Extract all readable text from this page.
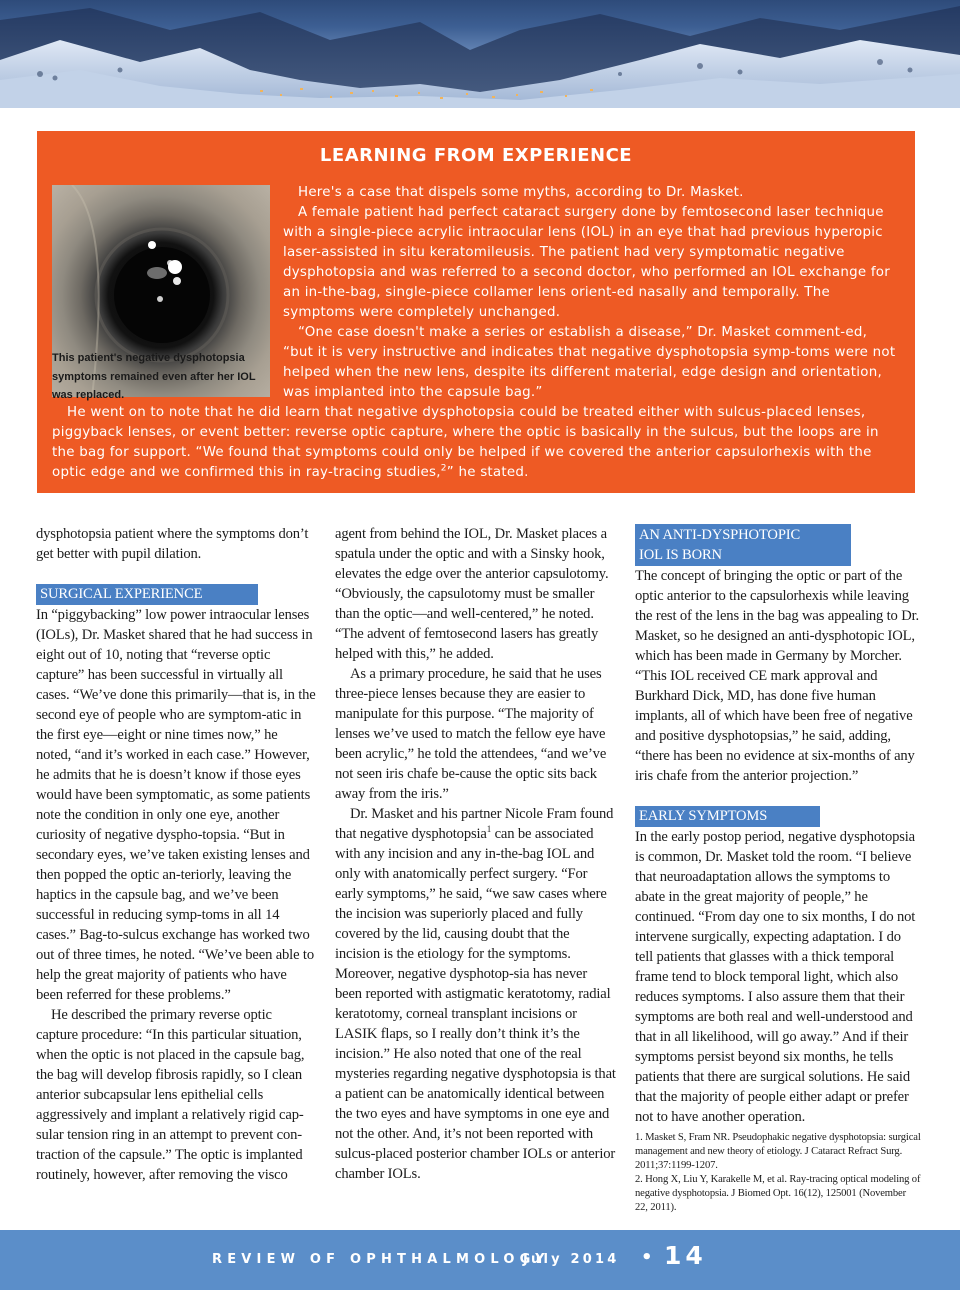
LEARNING FROM EXPERIENCE
This patient's negative dysphotopsia symptoms remained even after her IOL was replaced.

Here's a case that dispels some myths, according to Dr. Masket.

A female patient had perfect cataract surgery done by femtosecond laser technique with a single-piece acrylic intraocular lens (IOL) in an eye that had previous hyperopic laser-assisted in situ keratomileusis. The patient had very symptomatic negative dysphotopsia and was referred to a second doctor, who performed an IOL exchange for an in-the-bag, single-piece collamer lens orient-ed nasally and temporally. The symptoms were completely unchanged.

“One case doesn't make a series or establish a disease,” Dr. Masket comment-ed, “but it is very instructive and indicates that negative dysphotopsia symp-toms were not helped when the new lens, despite its different material, edge design and orientation, was implanted into the capsule bag.”

He went on to note that he did learn that negative dysphotopsia could be treated either with sulcus-placed lenses, piggyback lenses, or event better: reverse optic capture, where the optic is basically in the sulcus, but the loops are in the bag for support. “We found that symptoms could only be helped if we covered the anterior capsulorhexis with the optic edge and we confirmed this in ray-tracing studies,$^2$” he stated.

dysphotopsia patient where the symptoms don’t get better with pupil dilation.

SURGICAL EXPERIENCE

In “piggybacking” low power intraocular lenses (IOLs), Dr. Masket shared that he had success in eight out of 10, noting that “reverse optic capture” has been successful in virtually all cases. “We’ve done this primarily—that is, in the second eye of people who are symptom-atic in the first eye—eight or nine times now,” he noted, “and it’s worked in each case.” However, he admits that he is doesn’t know if those eyes would have been symptomatic, as some patients note the condition in only one eye, another curiosity of negative dyspho-topsia. “But in secondary eyes, we’ve taken existing lenses and then popped the optic an-teriorly, leaving the haptics in the capsule bag, and we’ve been successful in reducing symp-toms in all 14 cases.” Bag-to-sulcus exchange has worked two out of three times, he noted. “We’ve been able to help the great majority of patients who have been referred for these problems.”

He described the primary reverse optic capture procedure: “In this particular situation, when the optic is not placed in the capsule bag, the bag will develop fibrosis rapidly, so I clean anterior subcapsular lens epithelial cells aggressively and implant a relatively rigid cap-sular tension ring in an attempt to prevent con-traction of the capsule.” The optic is implanted routinely, however, after removing the visco

agent from behind the IOL, Dr. Masket places a spatula under the optic and with a Sinsky hook, elevates the edge over the anterior capsulotomy. “Obviously, the capsulotomy must be smaller than the optic—and well-centered,” he noted. “The advent of femtosecond lasers has greatly helped with this,” he added.

As a primary procedure, he said that he uses three-piece lenses because they are easier to manipulate for this purpose. “The majority of lenses we’ve used to match the fellow eye have been acrylic,” he told the attendees, “and we’ve not seen iris chafe be-cause the optic sits back away from the iris.”

Dr. Masket and his partner Nicole Fram found that negative dysphotopsia$^1$ can be associated with any incision and any in-the-bag IOL and only with anatomically perfect surgery. “For early symptoms,” he said, “we saw cases where the incision was superiorly placed and fully covered by the lid, causing doubt that the incision is the etiology for the symptoms. Moreover, negative dysphotop-sia has never been reported with astigmatic keratotomy, radial keratotomy, corneal transplant incisions or LASIK flaps, so I really don’t think it’s the incision.” He also noted that one of the real mysteries regarding negative dysphotopsia is that a patient can be anatomically identical between the two eyes and have symptoms in one eye and not the other. And, it’s not been reported with sulcus-placed posterior chamber IOLs or anterior chamber IOLs.

AN ANTI-DYSPHOTOPIC
IOL IS BORN

The concept of bringing the optic or part of the optic anterior to the capsulorhexis while leaving the rest of the lens in the bag was appealing to Dr. Masket, so he designed an anti-dysphotopic IOL, which has been made in Germany by Morcher. “This IOL received CE mark approval and Burkhard Dick, MD, has done five human implants, all of which have been free of negative and positive dysphotopsias,” he said, adding, “there has been no evidence at six-months of any iris chafe from the anterior projection.”

EARLY SYMPTOMS

In the early postop period, negative dysphotopsia is common, Dr. Masket told the room. “I believe that neuroadaptation allows the symptoms to abate in the great majority of people,” he continued. “From day one to six months, I do not intervene surgically, expecting adaptation. I do tell patients that glasses with a thick temporal frame tend to block temporal light, which also reduces symptoms. I also assure them that their symptoms are both real and well-understood and that in all likelihood, will go away.” And if their symptoms persist beyond six months, he tells patients that there are surgical solutions. He said that the majority of people either adapt or prefer not to have another operation.

1. Masket S, Fram NR. Pseudophakic negative dysphotopsia: surgical management and new theory of etiology. J Cataract Refract Surg. 2011;37:1199-1207.

2. Hong X, Liu Y, Karakelle M, et al. Ray-tracing optical modeling of negative dysphotopsia. J Biomed Opt. 16(12), 125001 (November 22, 2011).

REVIEW OF OPHTHALMOLOGY
July 2014 • 14
